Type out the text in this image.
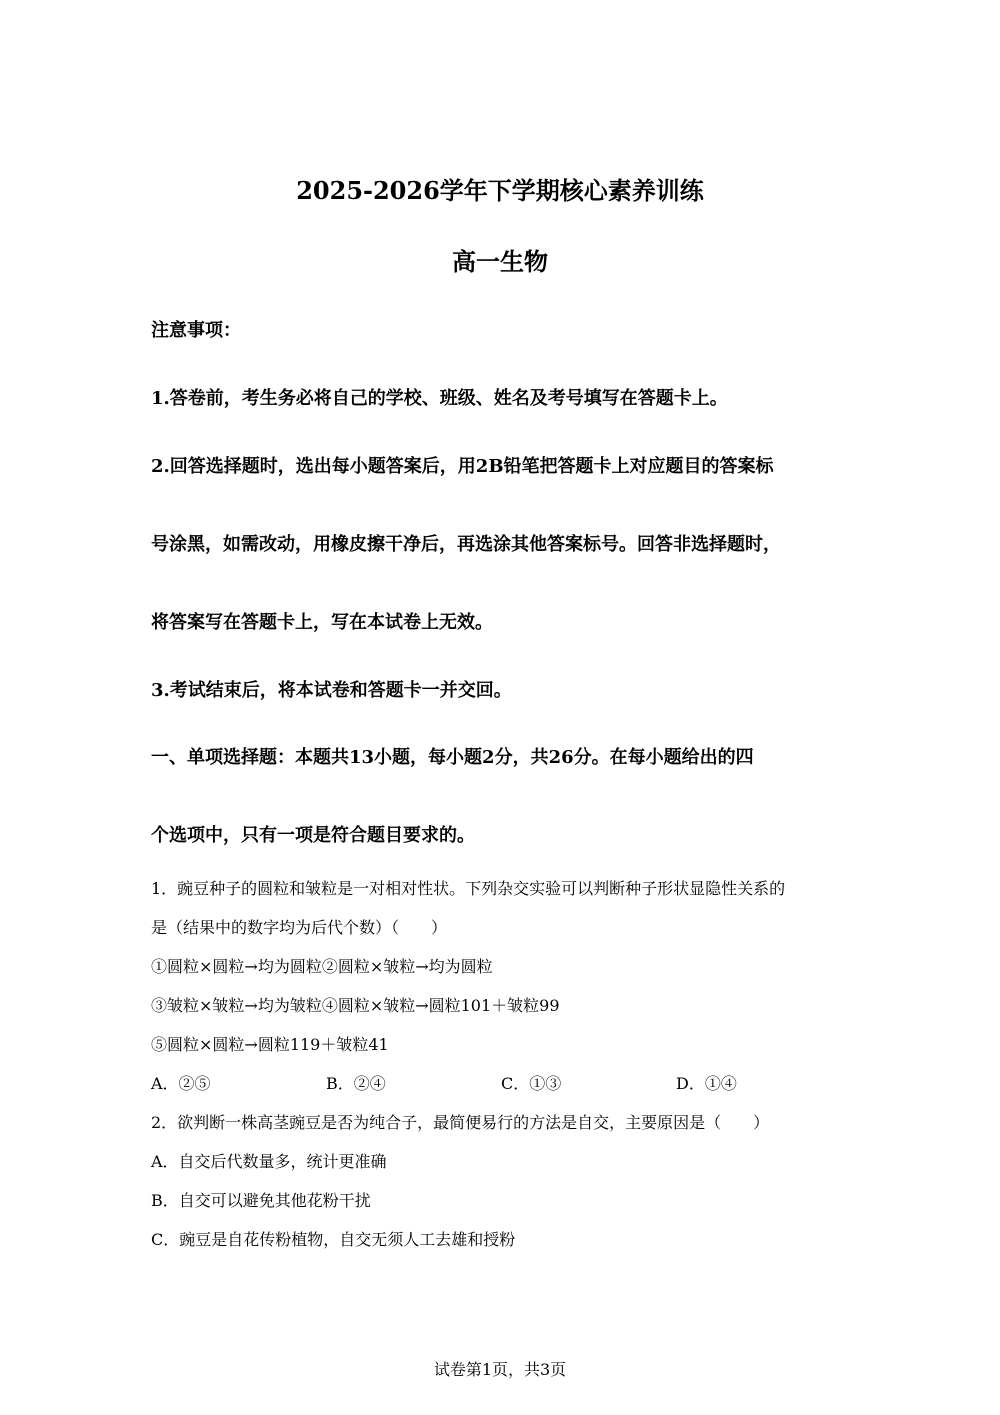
2025-2026学年下学期核心素养训练
高一生物
注意事项：
1.答卷前，考生务必将自己的学校、班级、姓名及考号填写在答题卡上。
2.回答选择题时，选出每小题答案后，用2B铅笔把答题卡上对应题目的答案标
号涂黑，如需改动，用橡皮擦干净后，再选涂其他答案标号。回答非选择题时，
将答案写在答题卡上，写在本试卷上无效。
3.考试结束后，将本试卷和答题卡一并交回。
一、单项选择题：本题共13小题，每小题2分，共26分。在每小题给出的四
个选项中，只有一项是符合题目要求的。
1．豌豆种子的圆粒和皱粒是一对相对性状。下列杂交实验可以判断种子形状显隐性关系的
是（结果中的数字均为后代个数）（　　）
①圆粒×圆粒→均为圆粒②圆粒×皱粒→均为圆粒
③皱粒×皱粒→均为皱粒④圆粒×皱粒→圆粒101＋皱粒99
⑤圆粒×圆粒→圆粒119＋皱粒41
A．②⑤	B．②④	C．①③	D．①④
2．欲判断一株高茎豌豆是否为纯合子，最简便易行的方法是自交，主要原因是（　　）
A．自交后代数量多，统计更准确
B．自交可以避免其他花粉干扰
C．豌豆是自花传粉植物，自交无须人工去雄和授粉
试卷第1页，共3页
